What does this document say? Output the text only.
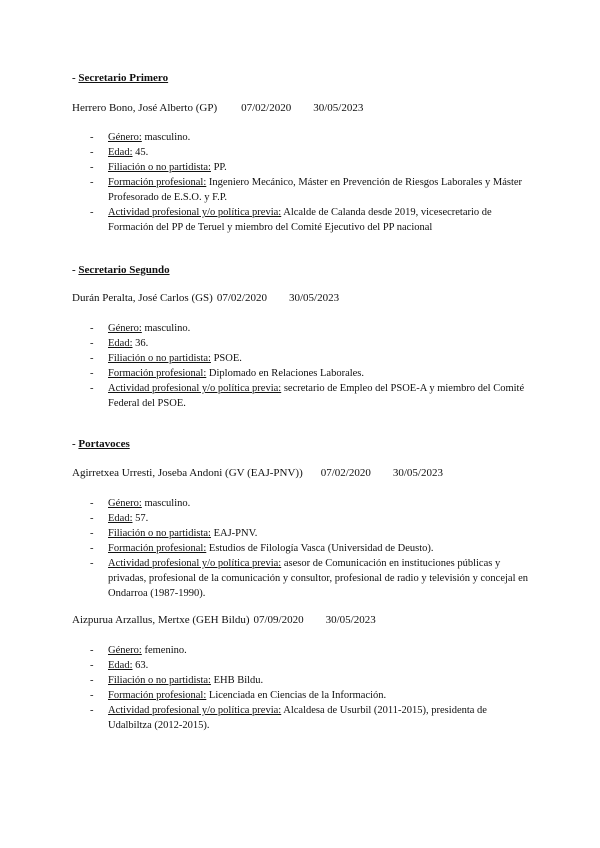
- Secretario Primero
Herrero Bono, José Alberto (GP) 07/02/2020 30/05/2023
- Género: masculino.
- Edad: 45.
- Filiación o no partidista: PP.
- Formación profesional: Ingeniero Mecánico, Máster en Prevención de Riesgos Laborales y Máster Profesorado de E.S.O. y F.P.
- Actividad profesional y/o política previa: Alcalde de Calanda desde 2019, vicesecretario de Formación del PP de Teruel y miembro del Comité Ejecutivo del PP nacional
- Secretario Segundo
Durán Peralta, José Carlos (GS) 07/02/2020 30/05/2023
- Género: masculino.
- Edad: 36.
- Filiación o no partidista: PSOE.
- Formación profesional: Diplomado en Relaciones Laborales.
- Actividad profesional y/o política previa: secretario de Empleo del PSOE-A y miembro del Comité Federal del PSOE.
- Portavoces
Agirretxea Urresti, Joseba Andoni (GV (EAJ-PNV)) 07/02/2020 30/05/2023
- Género: masculino.
- Edad: 57.
- Filiación o no partidista: EAJ-PNV.
- Formación profesional: Estudios de Filología Vasca (Universidad de Deusto).
- Actividad profesional y/o política previa: asesor de Comunicación en instituciones públicas y privadas, profesional de la comunicación y consultor, profesional de radio y televisión y concejal en Ondarroa (1987-1990).
Aizpurua Arzallus, Mertxe (GEH Bildu) 07/09/2020 30/05/2023
- Género: femenino.
- Edad: 63.
- Filiación o no partidista: EHB Bildu.
- Formación profesional: Licenciada en Ciencias de la Información.
- Actividad profesional y/o política previa: Alcaldesa de Usurbil (2011-2015), presidenta de Udalbiltza (2012-2015).
